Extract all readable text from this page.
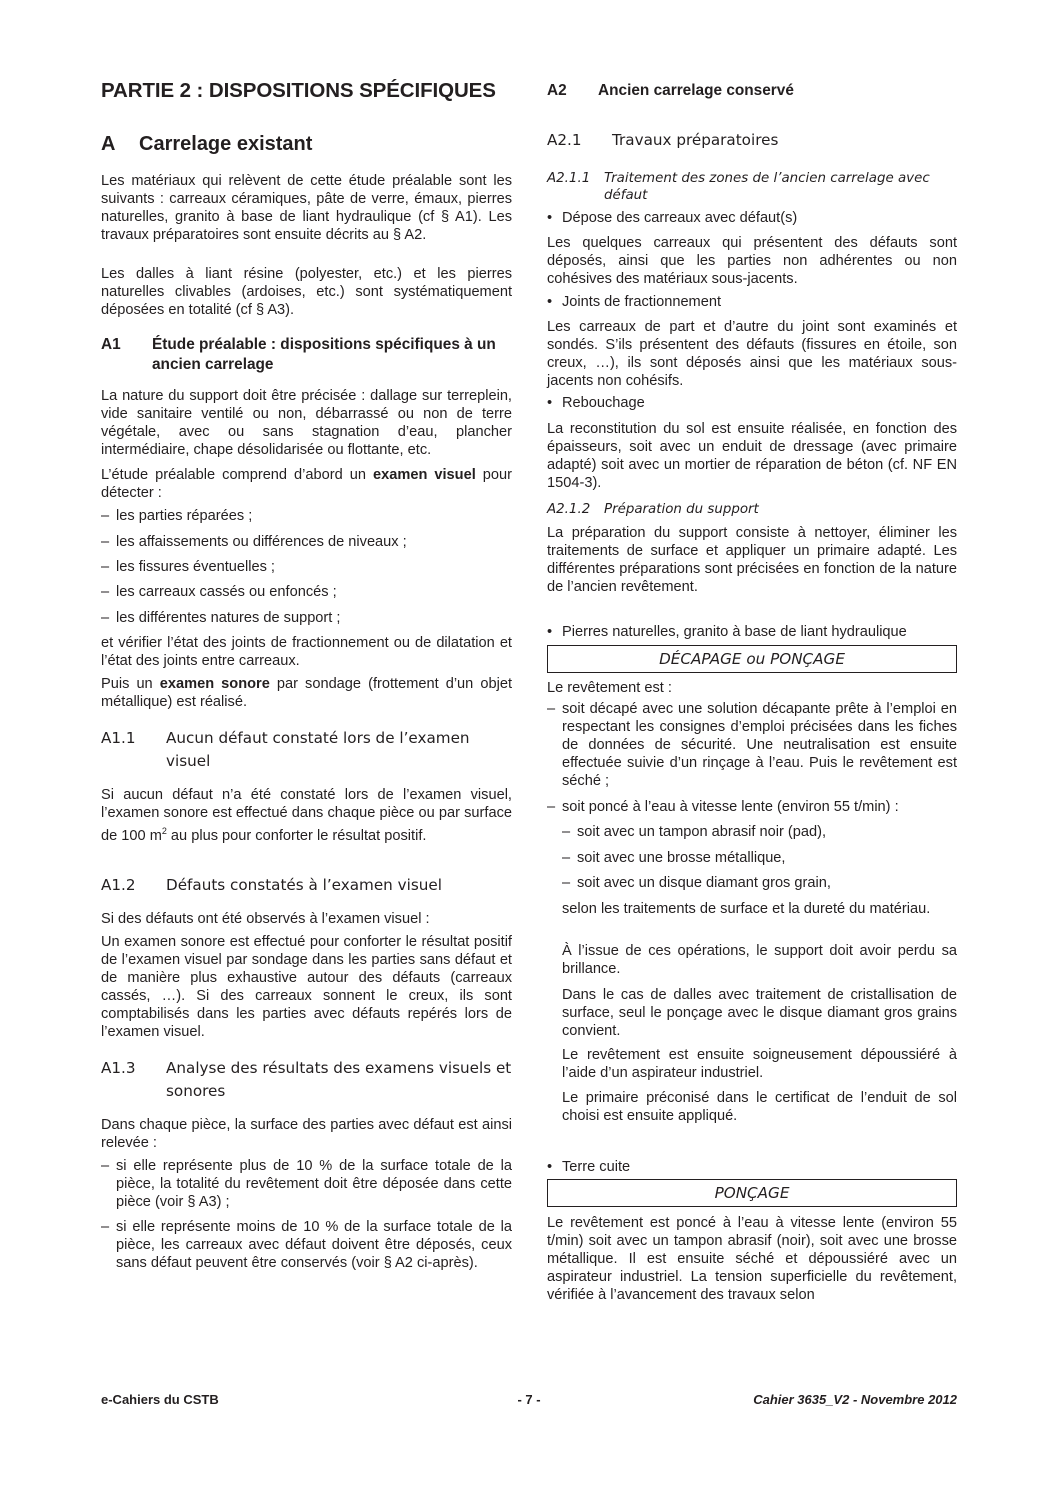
PARTIE 2 : DISPOSITIONS SPÉCIFIQUES
A Carrelage existant

Les matériaux qui relèvent de cette étude préalable sont les suivants : carreaux céramiques, pâte de verre, émaux, pierres naturelles, granito à base de liant hydraulique (cf § A1). Les travaux préparatoires sont ensuite décrits au § A2.

Les dalles à liant résine (polyester, etc.) et les pierres naturelles clivables (ardoises, etc.) sont systématiquement déposées en totalité (cf § A3).

A1	Étude préalable : dispositions spécifiques à un ancien carrelage

La nature du support doit être précisée : dallage sur terreplein, vide sanitaire ventilé ou non, débarrassé ou non de terre végétale, avec ou sans stagnation d’eau, plancher intermédiaire, chape désolidarisée ou flottante, etc.

L’étude préalable comprend d’abord un examen visuel pour détecter :

– les parties réparées ;
– les affaissements ou différences de niveaux ;
– les fissures éventuelles ;
– les carreaux cassés ou enfoncés ;
– les différentes natures de support ;

et vérifier l’état des joints de fractionnement ou de dilatation et l’état des joints entre carreaux.

Puis un examen sonore par sondage (frottement d’un objet métallique) est réalisé.

A1.1	Aucun défaut constaté lors de l’examen visuel

Si aucun défaut n’a été constaté lors de l’examen visuel, l’examen sonore est effectué dans chaque pièce ou par surface de 100 $m^2$ au plus pour conforter le résultat positif.

A1.2	Défauts constatés à l’examen visuel

Si des défauts ont été observés à l’examen visuel :

Un examen sonore est effectué pour conforter le résultat positif de l’examen visuel par sondage dans les parties sans défaut et de manière plus exhaustive autour des défauts (carreaux cassés, …). Si des carreaux sonnent le creux, ils sont comptabilisés dans les parties avec défauts repérés lors de l’examen visuel.

A1.3	Analyse des résultats des examens visuels et sonores

Dans chaque pièce, la surface des parties avec défaut est ainsi relevée :

– si elle représente plus de 10 % de la surface totale de la pièce, la totalité du revêtement doit être déposée dans cette pièce (voir § A3) ;
– si elle représente moins de 10 % de la surface totale de la pièce, les carreaux avec défaut doivent être déposés, ceux sans défaut peuvent être conservés (voir § A2 ci-après).
A2	Ancien carrelage conservé
A2.1	Travaux préparatoires
A2.1.1	Traitement des zones de l’ancien carrelage avec défaut
• Dépose des carreaux avec défaut(s)

Les quelques carreaux qui présentent des défauts sont déposés, ainsi que les parties non adhérentes ou non cohésives des matériaux sous-jacents.

• Joints de fractionnement

Les carreaux de part et d’autre du joint sont examinés et sondés. S’ils présentent des défauts (fissures en étoile, son creux, …), ils sont déposés ainsi que les matériaux sous-jacents non cohésifs.

• Rebouchage

La reconstitution du sol est ensuite réalisée, en fonction des épaisseurs, soit avec un enduit de dressage (avec primaire adapté) soit avec un mortier de réparation de béton (cf. NF EN 1504-3).

A2.1.2	Préparation du support

La préparation du support consiste à nettoyer, éliminer les traitements de surface et appliquer un primaire adapté. Les différentes préparations sont précisées en fonction de la nature de l’ancien revêtement.

• Pierres naturelles, granito à base de liant hydraulique
DÉCAPAGE ou PONÇAGE

Le revêtement est :

– soit décapé avec une solution décapante prête à l’emploi en respectant les consignes d’emploi précisées dans les fiches de données de sécurité. Une neutralisation est ensuite effectuée suivie d’un rinçage à l’eau. Puis le revêtement est séché ;
– soit poncé à l’eau à vitesse lente (environ 55 t/min) :
– soit avec un tampon abrasif noir (pad),
– soit avec une brosse métallique,
– soit avec un disque diamant gros grain,

selon les traitements de surface et la dureté du matériau.

À l’issue de ces opérations, le support doit avoir perdu sa brillance.

Dans le cas de dalles avec traitement de cristallisation de surface, seul le ponçage avec le disque diamant gros grains convient.

Le revêtement est ensuite soigneusement dépoussiéré à l’aide d’un aspirateur industriel.

Le primaire préconisé dans le certificat de l’enduit de sol choisi est ensuite appliqué.

• Terre cuite
PONÇAGE

Le revêtement est poncé à l’eau à vitesse lente (environ 55 t/min) soit avec un tampon abrasif (noir), soit avec une brosse métallique. Il est ensuite séché et dépoussiéré avec un aspirateur industriel. La tension superficielle du revêtement, vérifiée à l’avancement des travaux selon

e-Cahiers du CSTB	- 7 -	Cahier 3635_V2 - Novembre 2012
